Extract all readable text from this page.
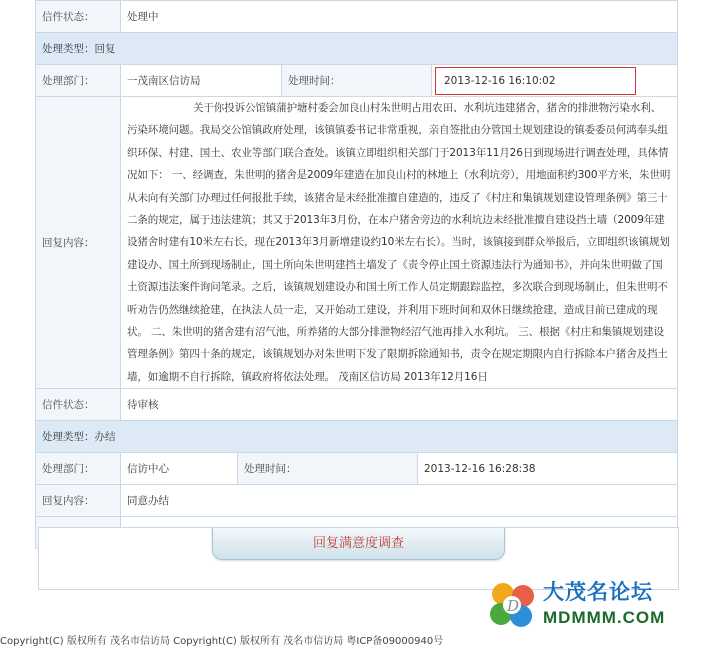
信件状态：	处理中		
处理类型：回复			
处理部门：	一茂南区信访局	处理时间：	2013-12-16 16:10:02
回复内容：	关于你投诉公馆镇蒲护塘村委会加良山村朱世明占用农田、水利坑违建猪舍，猪舍的排泄物污染水利、污染环境问题。我局交公馆镇政府处理，该镇镇委书记非常重视，亲自签批由分管国土规划建设的镇委委员何鸿奉头组织环保、村建、国土、农业等部门联合查处。该镇立即组织相关部门于2013年11月26日到现场进行调查处理，具体情况如下： 一、经调查，朱世明的猪舍是2009年建造在加良山村的林地上（水利坑旁），用地面积约300平方米，朱世明从未向有关部门办理过任何报批手续，该猪舍是未经批准擅自建造的，违反了《村庄和集镇规划建设管理条例》第三十二条的规定，属于违法建筑；其又于2013年3月份，在本户猪舍旁边的水利坑边未经批准擅自建设挡土墙（2009年建设猪舍时建有10米左右长，现在2013年3月新增建设约10米左右长）。当时，该镇接到群众举报后，立即组织该镇规划建设办、国土所到现场制止，国土所向朱世明建挡土墙发了《责令停止国土资源违法行为通知书》，并向朱世明做了国土资源违法案件询问笔录。之后，该镇规划建设办和国土所工作人员定期跟踪监控，多次联合到现场制止，但朱世明不听劝告仍然继续抢建，在执法人员一走，又开始动工建设，并利用下班时间和双休日继续抢建，造成目前已建成的现状。 二、朱世明的猪舍建有沼气池，所养猪的大部分排泄物经沼气池再排入水利坑。 三、根据《村庄和集镇规划建设管理条例》第四十条的规定，该镇规划办对朱世明下发了限期拆除通知书，责令在规定期限内自行拆除本户猪舍及挡土墙，如逾期不自行拆除，镇政府将依法处理。 茂南区信访局 2013年12月16日		
信件状态：	待审核		
处理类型：办结			
处理部门：	信访中心	处理时间：	2013-12-16 16:28:38
回复内容：	同意办结		

回复满意度调查
Copyright(C) 版权所有 茂名市信访局 Copyright(C) 版权所有 茂名市信访局 粤ICP备09000940号
D
大茂名论坛
MDMMM.COM
